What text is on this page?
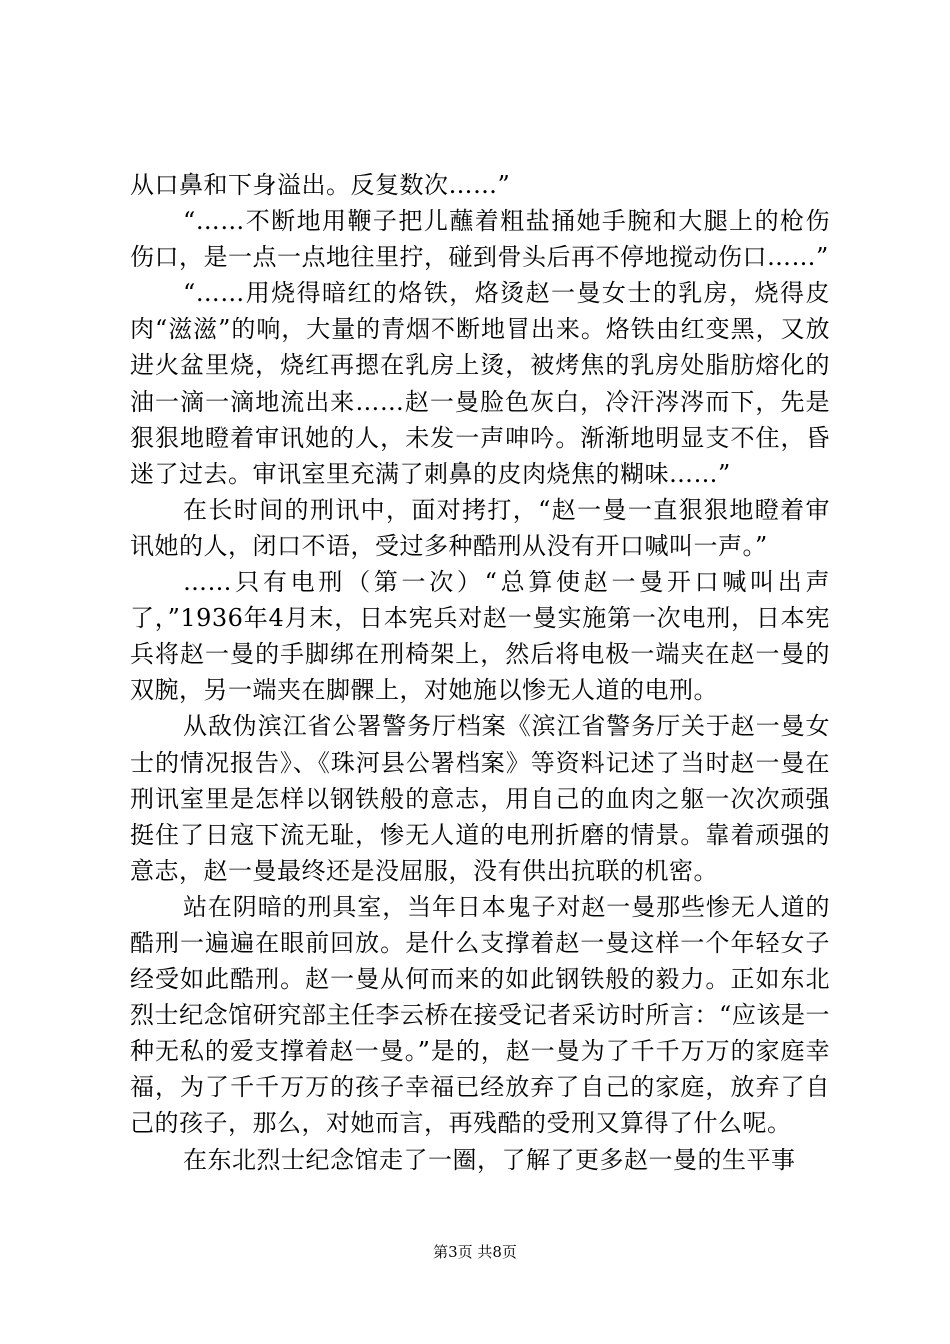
从口鼻和下身溢出。反复数次……”

“……不断地用鞭子把儿蘸着粗盐捅她手腕和大腿上的枪伤伤口，是一点一点地往里拧，碰到骨头后再不停地搅动伤口……”

“……用烧得暗红的烙铁，烙烫赵一曼女士的乳房，烧得皮肉“滋滋”的响，大量的青烟不断地冒出来。烙铁由红变黑，又放进火盆里烧，烧红再摁在乳房上烫，被烤焦的乳房处脂肪熔化的油一滴一滴地流出来……赵一曼脸色灰白，冷汗涔涔而下，先是狠狠地瞪着审讯她的人，未发一声呻吟。渐渐地明显支不住，昏迷了过去。审讯室里充满了刺鼻的皮肉烧焦的糊味……”

在长时间的刑讯中，面对拷打，“赵一曼一直狠狠地瞪着审讯她的人，闭口不语，受过多种酷刑从没有开口喊叫一声。”

……只有电刑（第一次）“总算使赵一曼开口喊叫出声了，”1936年4月末，日本宪兵对赵一曼实施第一次电刑，日本宪兵将赵一曼的手脚绑在刑椅架上，然后将电极一端夹在赵一曼的双腕，另一端夹在脚髁上，对她施以惨无人道的电刑。

从敌伪滨江省公署警务厅档案《滨江省警务厅关于赵一曼女士的情况报告》、《珠河县公署档案》等资料记述了当时赵一曼在刑讯室里是怎样以钢铁般的意志，用自己的血肉之躯一次次顽强挺住了日寇下流无耻，惨无人道的电刑折磨的情景。靠着顽强的意志，赵一曼最终还是没屈服，没有供出抗联的机密。

站在阴暗的刑具室，当年日本鬼子对赵一曼那些惨无人道的酷刑一遍遍在眼前回放。是什么支撑着赵一曼这样一个年轻女子经受如此酷刑。赵一曼从何而来的如此钢铁般的毅力。正如东北烈士纪念馆研究部主任李云桥在接受记者采访时所言：“应该是一种无私的爱支撑着赵一曼。”是的，赵一曼为了千千万万的家庭幸福，为了千千万万的孩子幸福已经放弃了自己的家庭，放弃了自己的孩子，那么，对她而言，再残酷的受刑又算得了什么呢。

在东北烈士纪念馆走了一圈，了解了更多赵一曼的生平事

第3页 共8页
